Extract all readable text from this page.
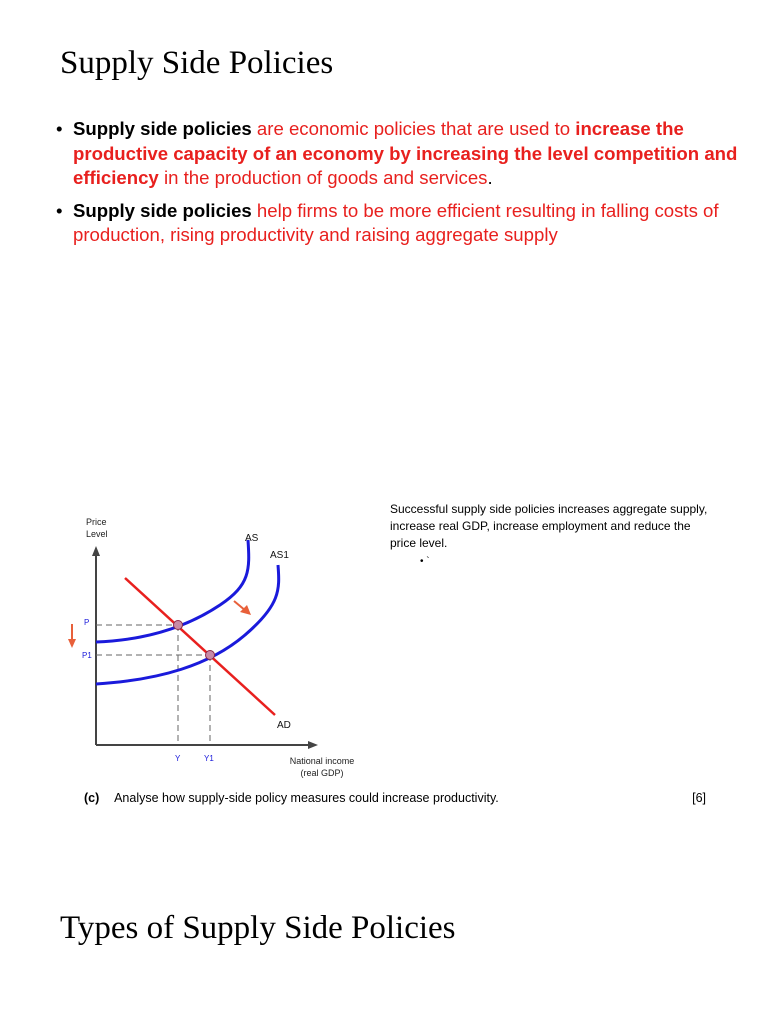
Supply Side Policies
• Supply side policies are economic policies that are used to increase the productive capacity of an economy by increasing the level competition and efficiency in the production of goods and services.
• Supply side policies help firms to be more efficient resulting in falling costs of production, rising productivity and raising aggregate supply
Price
Level
National income
(real GDP)
AS
AS1
AD
P
P1
Y	Y1
Successful supply side policies increases aggregate supply, increase real GDP, increase employment and reduce the price level.
• `
(c) Analyse how supply-side policy measures could increase productivity.	[6]
Types of Supply Side Policies
